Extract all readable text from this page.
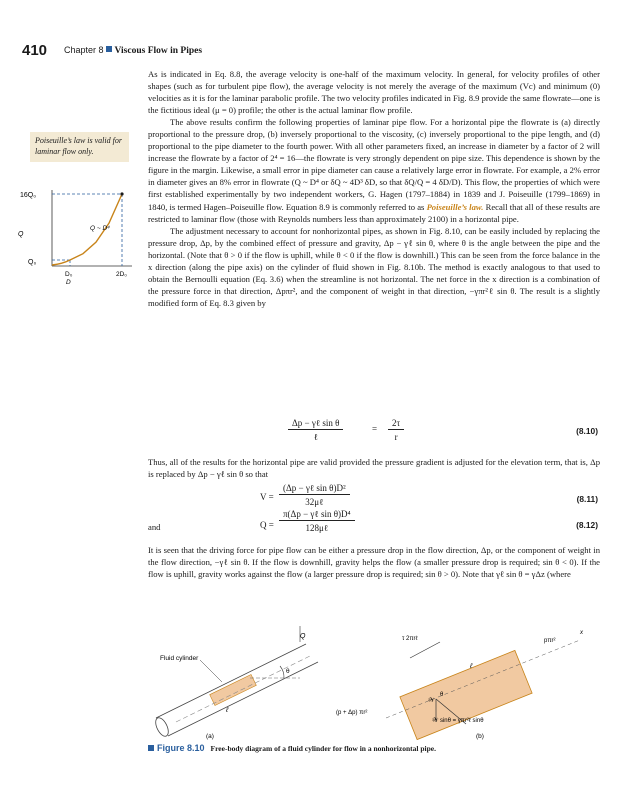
410 Chapter 8 Viscous Flow in Pipes
Poiseuille’s law is valid for laminar flow only.
16Q₀
Q
Q₀
Q ~ D⁴
D₀	2D₀
D

As is indicated in Eq. 8.8, the average velocity is one-half of the maximum velocity. In general, for velocity profiles of other shapes (such as for turbulent pipe flow), the average velocity is not merely the average of the maximum (Vc) and minimum (0) velocities as it is for the laminar parabolic profile. The two velocity profiles indicated in Fig. 8.9 provide the same flowrate—one is the fictitious ideal (μ = 0) profile; the other is the actual laminar flow profile.

The above results confirm the following properties of laminar pipe flow. For a horizontal pipe the flowrate is (a) directly proportional to the pressure drop, (b) inversely proportional to the viscosity, (c) inversely proportional to the pipe length, and (d) proportional to the pipe diameter to the fourth power. With all other parameters fixed, an increase in diameter by a factor of 2 will increase the flowrate by a factor of 2⁴ = 16—the flowrate is very strongly dependent on pipe size. This dependence is shown by the figure in the margin. Likewise, a small error in pipe diameter can cause a relatively large error in flowrate. For example, a 2% error in diameter gives an 8% error in flowrate (Q ~ D⁴ or δQ ~ 4D³ δD, so that δQ/Q = 4 δD/D). This flow, the properties of which were first established experimentally by two independent workers, G. Hagen (1797–1884) in 1839 and J. Poiseuille (1799–1869) in 1840, is termed Hagen–Poiseuille flow. Equation 8.9 is commonly referred to as Poiseuille’s law. Recall that all of these results are restricted to laminar flow (those with Reynolds numbers less than approximately 2100) in a horizontal pipe.

The adjustment necessary to account for nonhorizontal pipes, as shown in Fig. 8.10, can be easily included by replacing the pressure drop, Δp, by the combined effect of pressure and gravity, Δp − γℓ sin θ, where θ is the angle between the pipe and the horizontal. (Note that θ > 0 if the flow is uphill, while θ < 0 if the flow is downhill.) This can be seen from the force balance in the x direction (along the pipe axis) on the cylinder of fluid shown in Fig. 8.10b. The method is exactly analogous to that used to obtain the Bernoulli equation (Eq. 3.6) when the streamline is not horizontal. The net force in the x direction is a combination of the pressure force in that direction, Δpπr², and the component of weight in that direction, −γπr²ℓ sin θ. The result is a slightly modified form of Eq. 8.3 given by

Δp − γℓ sin θ
ℓ
= $\frac{2\tau}{r}$	(8.10)

Thus, all of the results for the horizontal pipe are valid provided the pressure gradient is adjusted for the elevation term, that is, Δp is replaced by Δp − γℓ sin θ so that

V =
(Δp − γℓ sin θ)D²
32μℓ	(8.11)

and	Q =
π(Δp − γℓ sin θ)D⁴
128μℓ	(8.12)

It is seen that the driving force for pipe flow can be either a pressure drop in the flow direction, Δp, or the component of weight in the flow direction, −γℓ sin θ. If the flow is downhill, gravity helps the flow (a smaller pressure drop is required; sin θ < 0). If the flow is uphill, gravity works against the flow (a larger pressure drop is required; sin θ > 0). Note that γℓ sin θ = γΔz (where

Q
θ
Fluid cylinder
ℓ
(a)
τ 2πrℓ	pπr²
x
ℓ
θ
(p + Δp) πr²
𝒲
𝒲 sinθ = γπr²ℓ sinθ
(b)
Figure 8.10 Free-body diagram of a fluid cylinder for flow in a nonhorizontal pipe.
